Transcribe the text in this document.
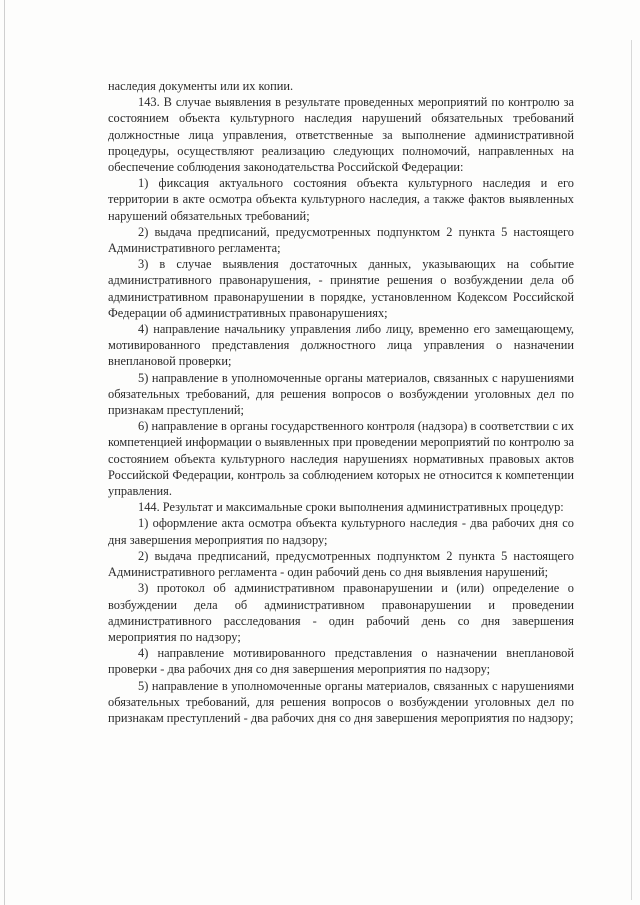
наследия документы или их копии.

143. В случае выявления в результате проведенных мероприятий по контролю за состоянием объекта культурного наследия нарушений обязательных требований должностные лица управления, ответственные за выполнение административной процедуры, осуществляют реализацию следующих полномочий, направленных на обеспечение соблюдения законодательства Российской Федерации:

1) фиксация актуального состояния объекта культурного наследия и его территории в акте осмотра объекта культурного наследия, а также фактов выявленных нарушений обязательных требований;

2) выдача предписаний, предусмотренных подпунктом 2 пункта 5 настоящего Административного регламента;

3) в случае выявления достаточных данных, указывающих на событие административного правонарушения, - принятие решения о возбуждении дела об административном правонарушении в порядке, установленном Кодексом Российской Федерации об административных правонарушениях;

4) направление начальнику управления либо лицу, временно его замещающему, мотивированного представления должностного лица управления о назначении внеплановой проверки;

5) направление в уполномоченные органы материалов, связанных с нарушениями обязательных требований, для решения вопросов о возбуждении уголовных дел по признакам преступлений;

6) направление в органы государственного контроля (надзора) в соответствии с их компетенцией информации о выявленных при проведении мероприятий по контролю за состоянием объекта культурного наследия нарушениях нормативных правовых актов Российской Федерации, контроль за соблюдением которых не относится к компетенции управления.

144. Результат и максимальные сроки выполнения административных процедур:

1) оформление акта осмотра объекта культурного наследия - два рабочих дня со дня завершения мероприятия по надзору;

2) выдача предписаний, предусмотренных подпунктом 2 пункта 5 настоящего Административного регламента - один рабочий день со дня выявления нарушений;

3) протокол об административном правонарушении и (или) определение о возбуждении дела об административном правонарушении и проведении административного расследования - один рабочий день со дня завершения мероприятия по надзору;

4) направление мотивированного представления о назначении внеплановой проверки - два рабочих дня со дня завершения мероприятия по надзору;

5) направление в уполномоченные органы материалов, связанных с нарушениями обязательных требований, для решения вопросов о возбуждении уголовных дел по признакам преступлений - два рабочих дня со дня завершения мероприятия по надзору;
